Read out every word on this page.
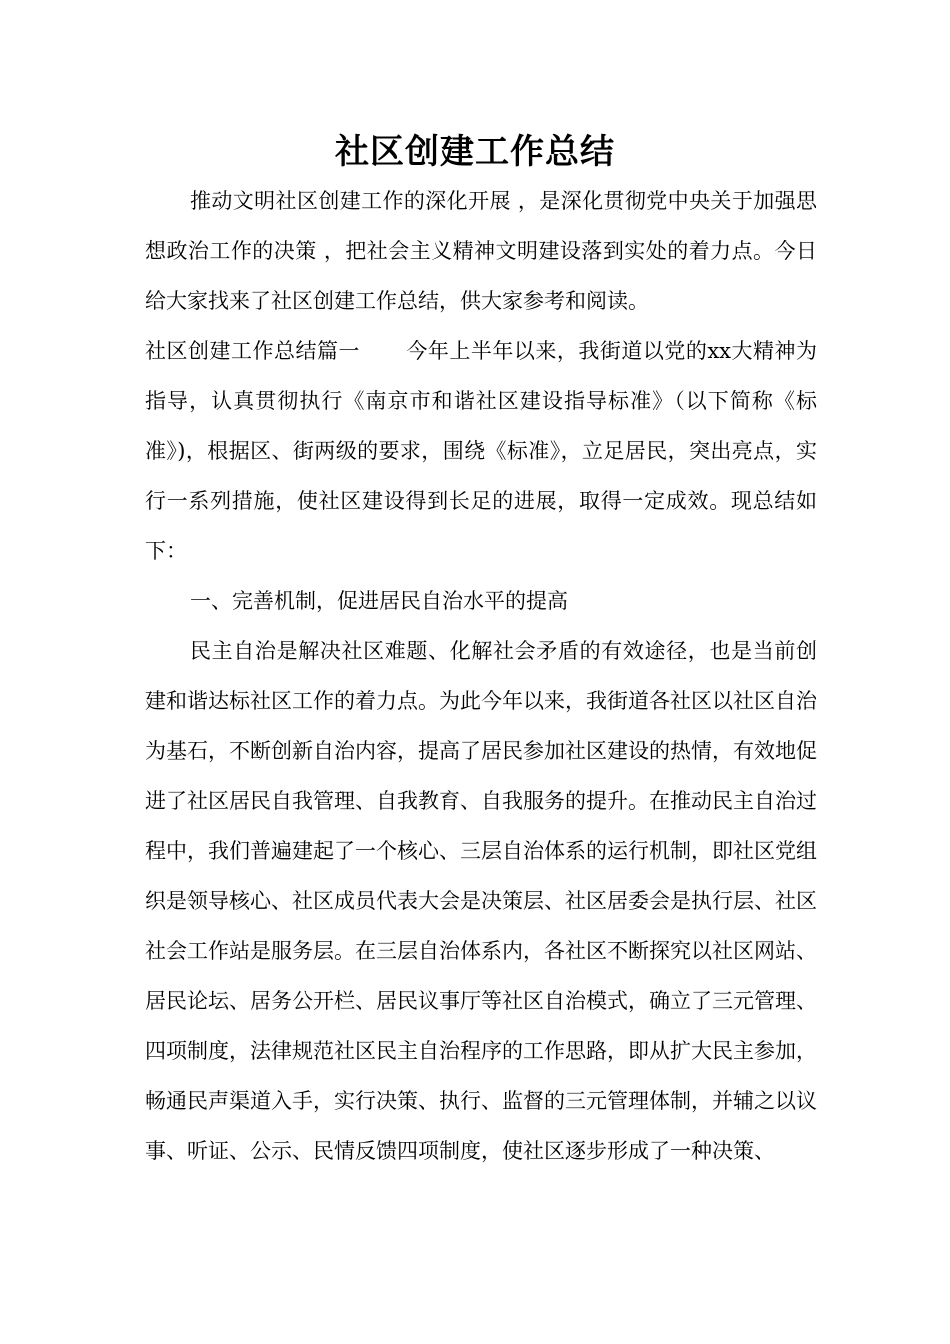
社区创建工作总结

推动文明社区创建工作的深化开展 ，是深化贯彻党中央关于加强思想政治工作的决策 ，把社会主义精神文明建设落到实处的着力点。今日给大家找来了社区创建工作总结，供大家参考和阅读。

社区创建工作总结篇一 今年上半年以来，我街道以党的xx大精神为指导，认真贯彻执行《南京市和谐社区建设指导标准》（以下简称《标准》)，根据区、街两级的要求，围绕《标准》，立足居民，突出亮点，实行一系列措施，使社区建设得到长足的进展，取得一定成效。现总结如下：

一、完善机制，促进居民自治水平的提高

民主自治是解决社区难题、化解社会矛盾的有效途径，也是当前创建和谐达标社区工作的着力点。为此今年以来，我街道各社区以社区自治为基石，不断创新自治内容，提高了居民参加社区建设的热情，有效地促进了社区居民自我管理、自我教育、自我服务的提升。在推动民主自治过程中，我们普遍建起了一个核心、三层自治体系的运行机制，即社区党组织是领导核心、社区成员代表大会是决策层、社区居委会是执行层、社区社会工作站是服务层。在三层自治体系内，各社区不断探究以社区网站、居民论坛、居务公开栏、居民议事厅等社区自治模式，确立了三元管理、四项制度，法律规范社区民主自治程序的工作思路，即从扩大民主参加，畅通民声渠道入手，实行决策、执行、监督的三元管理体制，并辅之以议事、听证、公示、民情反馈四项制度，使社区逐步形成了一种决策、
